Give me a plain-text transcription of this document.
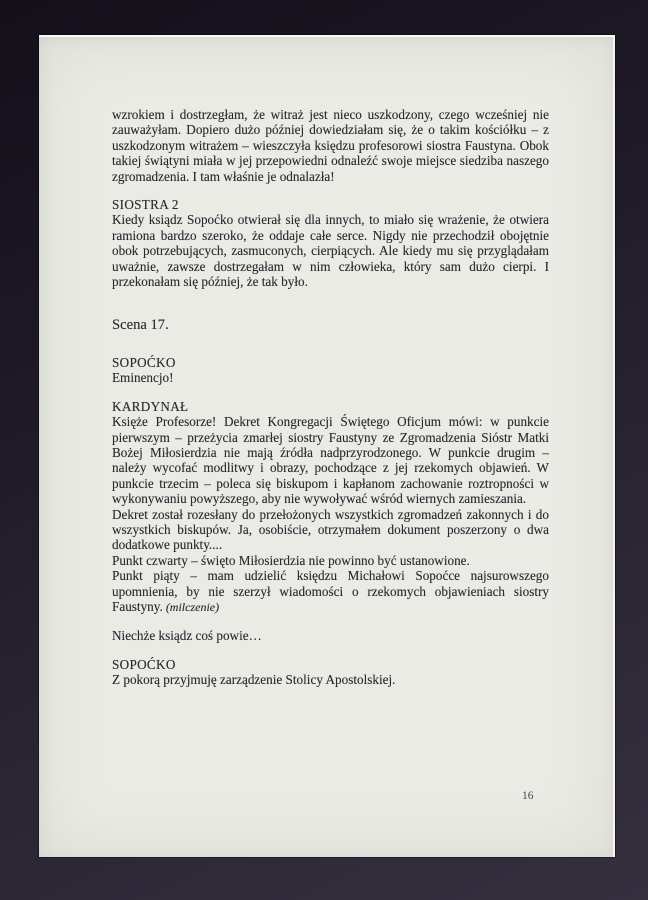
wzrokiem i dostrzegłam, że witraż jest nieco uszkodzony, czego wcześniej nie zauważyłam. Dopiero dużo później dowiedziałam się, że o takim kościółku – z uszkodzonym witrażem – wieszczyła księdzu profesorowi siostra Faustyna. Obok takiej świątyni miała w jej przepowiedni odnaleźć swoje miejsce siedziba naszego zgromadzenia. I tam właśnie je odnalazła!
SIOSTRA 2
Kiedy ksiądz Sopoćko otwierał się dla innych, to miało się wrażenie, że otwiera ramiona bardzo szeroko, że oddaje całe serce. Nigdy nie przechodził obojętnie obok potrzebujących, zasmuconych, cierpiących. Ale kiedy mu się przyglądałam uważnie, zawsze dostrzegałam w nim człowieka, który sam dużo cierpi. I przekonałam się później, że tak było.
Scena 17.
SOPOĆKO
Eminencjo!
KARDYNAŁ
Księże Profesorze! Dekret Kongregacji Świętego Oficjum mówi: w punkcie pierwszym – przeżycia zmarłej siostry Faustyny ze Zgromadzenia Sióstr Matki Bożej Miłosierdzia nie mają źródła nadprzyrodzonego. W punkcie drugim – należy wycofać modlitwy i obrazy, pochodzące z jej rzekomych objawień. W punkcie trzecim – poleca się biskupom i kapłanom zachowanie roztropności w wykonywaniu powyższego, aby nie wywoływać wśród wiernych zamieszania.
Dekret został rozesłany do przełożonych wszystkich zgromadzeń zakonnych i do wszystkich biskupów. Ja, osobiście, otrzymałem dokument poszerzony o dwa dodatkowe punkty....
Punkt czwarty – święto Miłosierdzia nie powinno być ustanowione.
Punkt piąty – mam udzielić księdzu Michałowi Sopoćce najsurowszego upomnienia, by nie szerzył wiadomości o rzekomych objawieniach siostry Faustyny. (milczenie)
Niechże ksiądz coś powie…
SOPOĆKO
Z pokorą przyjmuję zarządzenie Stolicy Apostolskiej.
16
